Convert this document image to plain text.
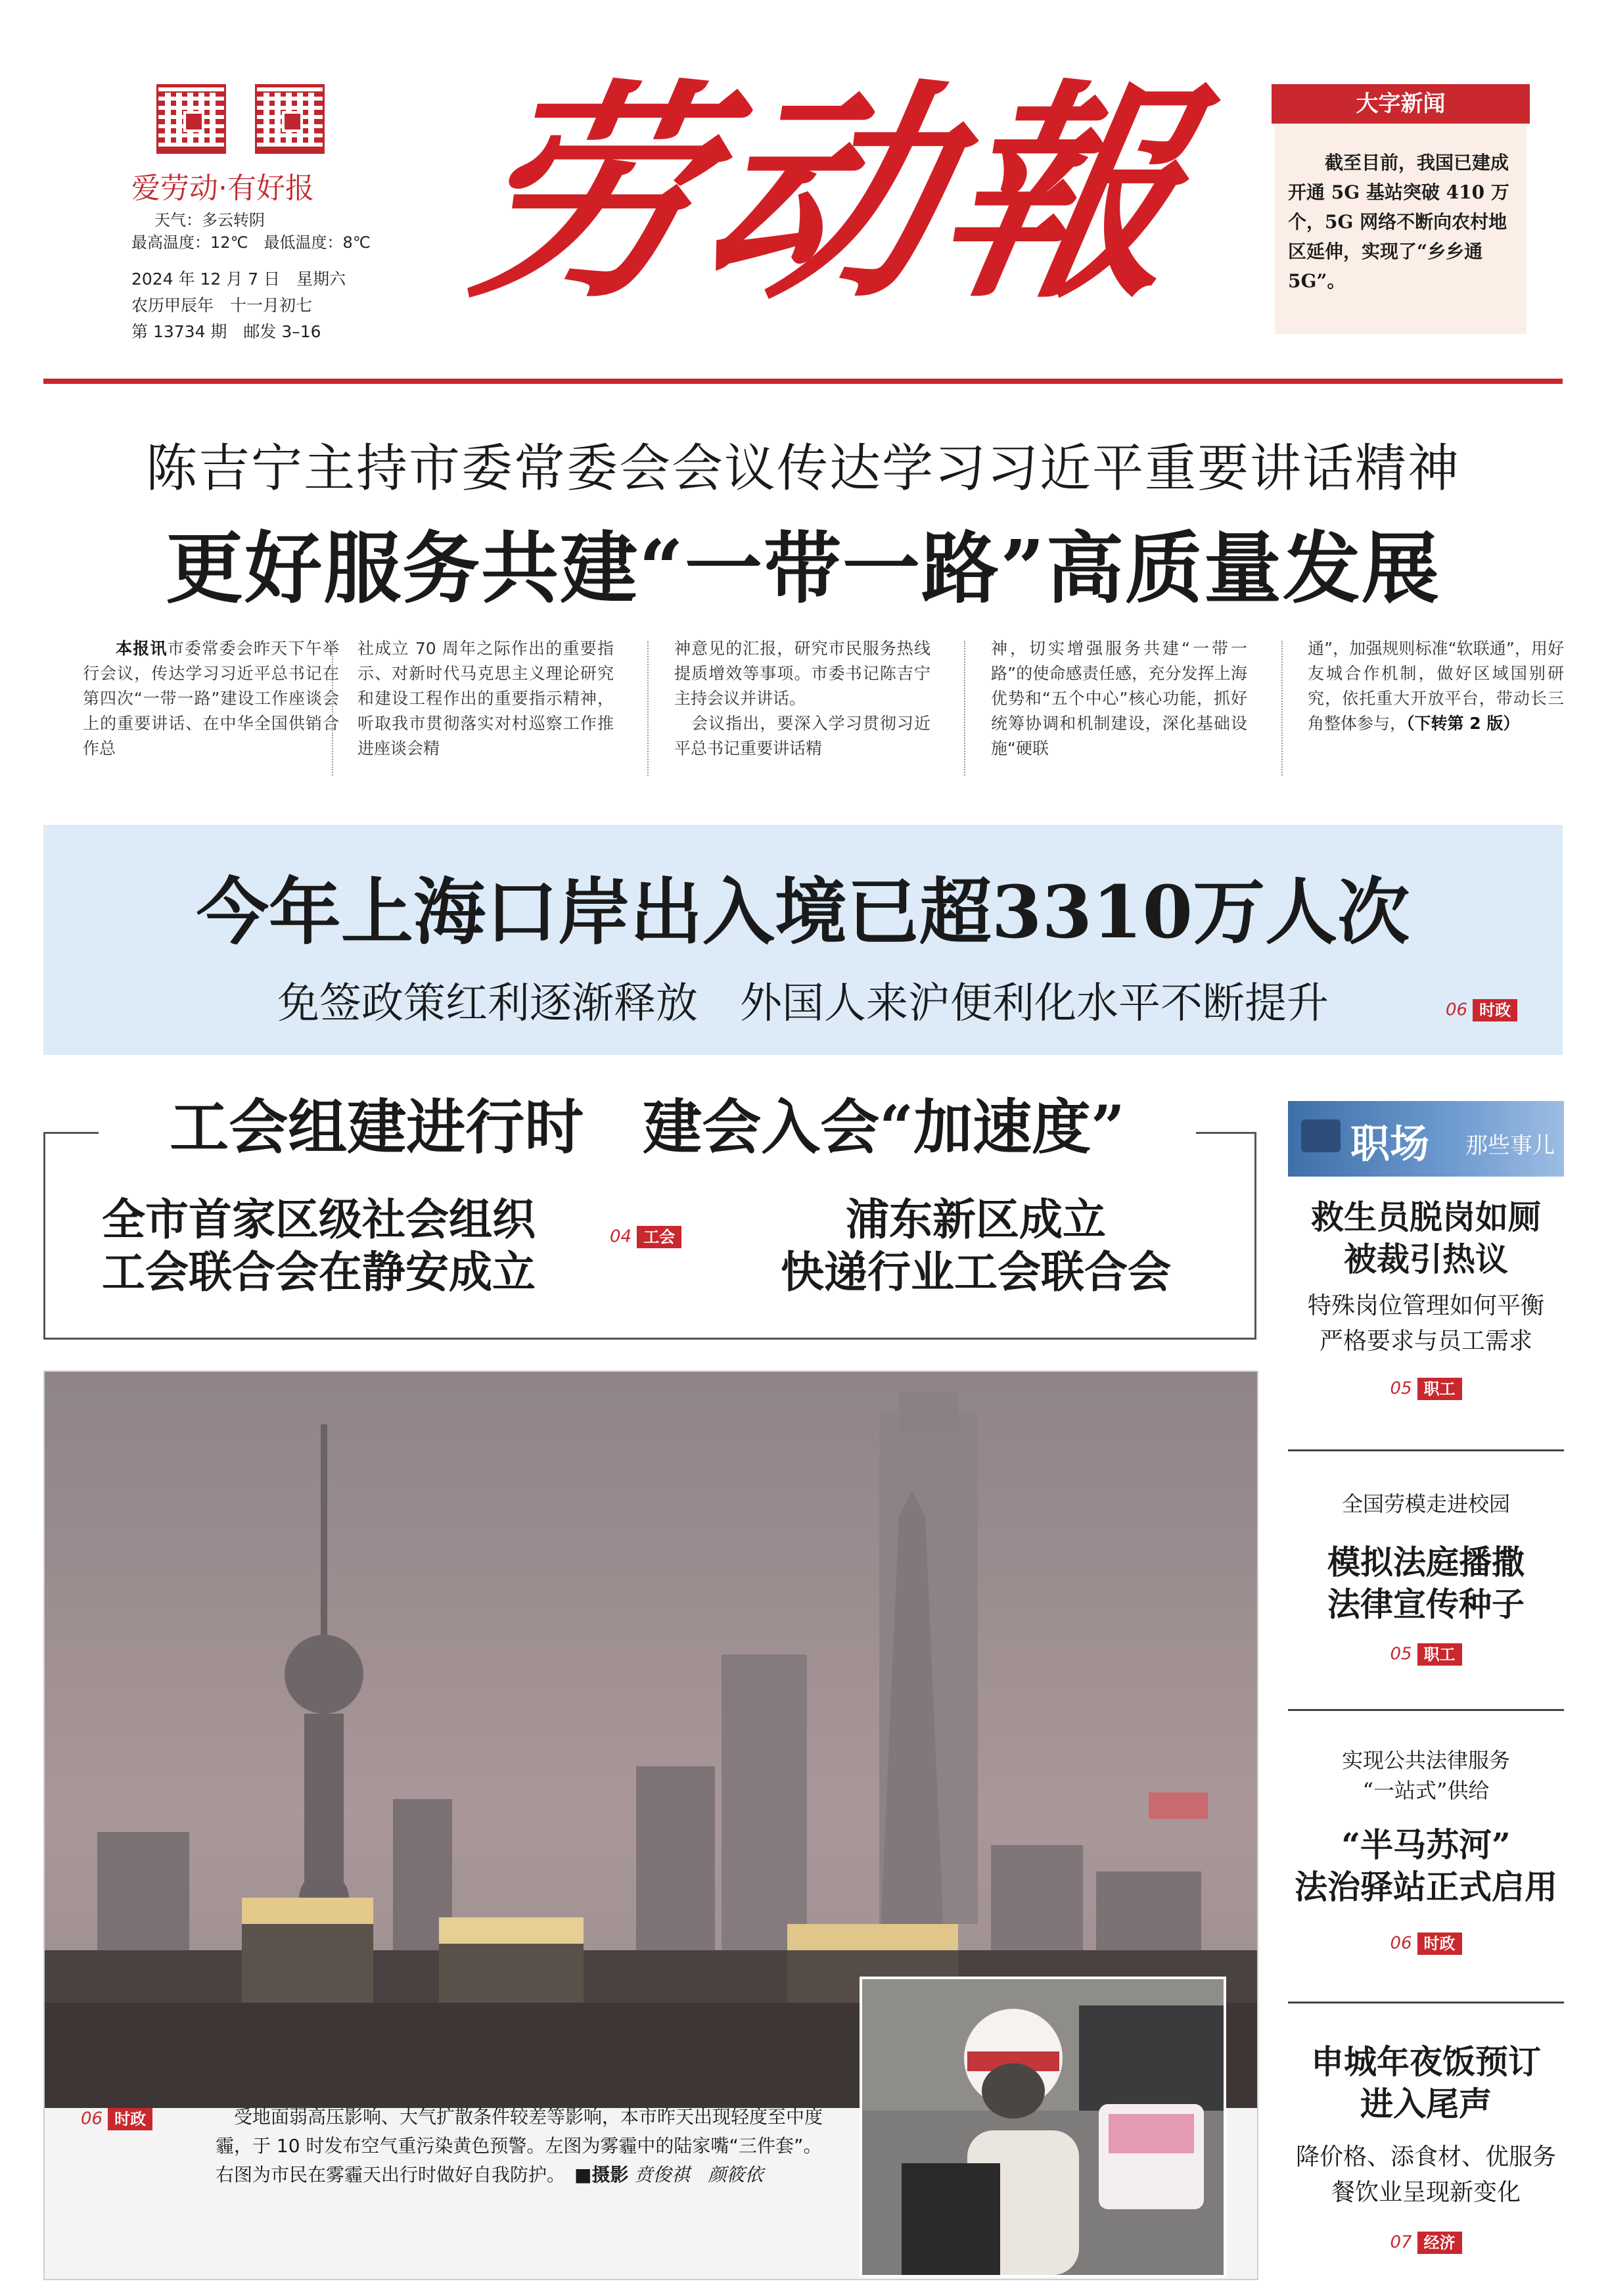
爱劳动·有好报
天气：多云转阴
最高温度：12℃　最低温度：8℃
2024 年 12 月 7 日　星期六
农历甲辰年　十一月初七
第 13734 期　邮发 3–16
劳动報	大字新闻
截至目前，我国已建成开通 5G 基站突破 410 万个，5G 网络不断向农村地区延伸，实现了“乡乡通 5G”。
陈吉宁主持市委常委会会议传达学习习近平重要讲话精神
更好服务共建“一带一路”高质量发展
本报讯市委常委会昨天下午举行会议，传达学习习近平总书记在第四次“一带一路”建设工作座谈会上的重要讲话、在中华全国供销合作总
社成立 70 周年之际作出的重要指示、对新时代马克思主义理论研究和建设工程作出的重要指示精神，听取我市贯彻落实对村巡察工作推进座谈会精
神意见的汇报，研究市民服务热线提质增效等事项。市委书记陈吉宁主持会议并讲话。
　会议指出，要深入学习贯彻习近平总书记重要讲话精
神，切实增强服务共建“一带一路”的使命感责任感，充分发挥上海优势和“五个中心”核心功能，抓好统筹协调和机制建设，深化基础设施“硬联
通”，加强规则标准“软联通”，用好友城合作机制，做好区域国别研究，依托重大开放平台，带动长三角整体参与，（下转第 2 版）
今年上海口岸出入境已超3310万人次
免签政策红利逐渐释放　外国人来沪便利化水平不断提升	06 时政
工会组建进行时　建会入会“加速度”
全市首家区级社会组织
工会联合会在静安成立
04 工会	浦东新区成立
快递行业工会联合会
06 时政	受地面弱高压影响、大气扩散条件较差等影响，本市昨天出现轻度至中度霾，于 10 时发布空气重污染黄色预警。左图为雾霾中的陆家嘴“三件套”。右图为市民在雾霾天出行时做好自我防护。　 ■摄影 贲俊祺　颜筱依
职场 那些事儿
救生员脱岗如厕
被裁引热议
特殊岗位管理如何平衡
严格要求与员工需求
05 职工
全国劳模走进校园
模拟法庭播撒
法律宣传种子
05 职工
实现公共法律服务
“一站式”供给
“半马苏河”
法治驿站正式启用
06 时政
申城年夜饭预订
进入尾声
降价格、添食材、优服务
餐饮业呈现新变化
07 经济
